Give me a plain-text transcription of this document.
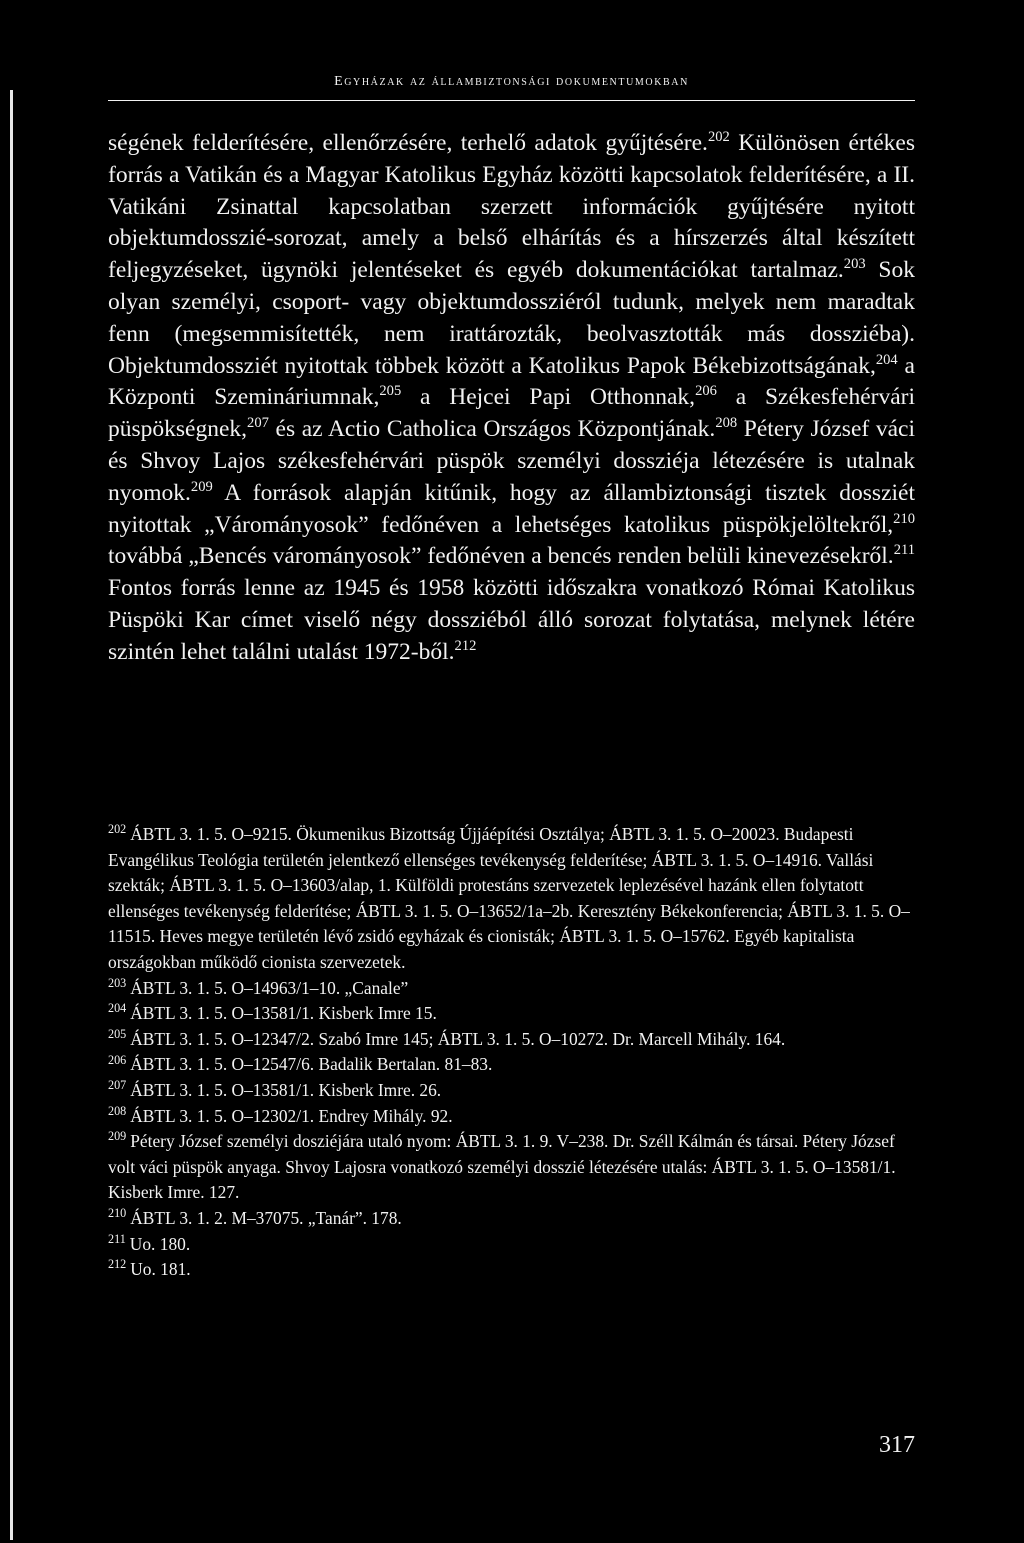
Egyházak az állambiztonsági dokumentumokban
ségének felderítésére, ellenőrzésére, terhelő adatok gyűjtésére.$^{202}$ Különösen értékes forrás a Vatikán és a Magyar Katolikus Egyház közötti kapcsolatok felderítésére, a II. Vatikáni Zsinattal kapcsolatban szerzett információk gyűjtésére nyitott objektumdosszié-sorozat, amely a belső elhárítás és a hírszerzés által készített feljegyzéseket, ügynöki jelentéseket és egyéb dokumentációkat tartalmaz.$^{203}$ Sok olyan személyi, csoport- vagy objektumdossziéról tudunk, melyek nem maradtak fenn (megsemmisítették, nem irattározták, beolvasztották más dossziéba). Objektumdossziét nyitottak többek között a Katolikus Papok Békebizottságának,$^{204}$ a Központi Szemináriumnak,$^{205}$ a Hejcei Papi Otthonnak,$^{206}$ a Székesfehérvári püspökségnek,$^{207}$ és az Actio Catholica Országos Központjának.$^{208}$ Pétery József váci és Shvoy Lajos székesfehérvári püspök személyi dossziéja létezésére is utalnak nyomok.$^{209}$ A források alapján kitűnik, hogy az állambiztonsági tisztek dossziét nyitottak „Várományosok” fedőnéven a lehetséges katolikus püspökjelöltekről,$^{210}$ továbbá „Bencés várományosok” fedőnéven a bencés renden belüli kinevezésekről.$^{211}$ Fontos forrás lenne az 1945 és 1958 közötti időszakra vonatkozó Római Katolikus Püspöki Kar címet viselő négy dossziéból álló sorozat folytatása, melynek létére szintén lehet találni utalást 1972-ből.$^{212}$

$^{202}$ ÁBTL 3. 1. 5. O–9215. Ökumenikus Bizottság Újjáépítési Osztálya; ÁBTL 3. 1. 5. O–20023. Budapesti Evangélikus Teológia területén jelentkező ellenséges tevékenység felderítése; ÁBTL 3. 1. 5. O–14916. Vallási szekták; ÁBTL 3. 1. 5. O–13603/alap, 1. Külföldi protestáns szervezetek leplezésével hazánk ellen folytatott ellenséges tevékenység felderítése; ÁBTL 3. 1. 5. O–13652/1a–2b. Keresztény Békekonferencia; ÁBTL 3. 1. 5. O–11515. Heves megye területén lévő zsidó egyházak és cionisták; ÁBTL 3. 1. 5. O–15762. Egyéb kapitalista országokban működő cionista szervezetek.

$^{203}$ ÁBTL 3. 1. 5. O–14963/1–10. „Canale”

$^{204}$ ÁBTL 3. 1. 5. O–13581/1. Kisberk Imre 15.

$^{205}$ ÁBTL 3. 1. 5. O–12347/2. Szabó Imre 145; ÁBTL 3. 1. 5. O–10272. Dr. Marcell Mihály. 164.

$^{206}$ ÁBTL 3. 1. 5. O–12547/6. Badalik Bertalan. 81–83.

$^{207}$ ÁBTL 3. 1. 5. O–13581/1. Kisberk Imre. 26.

$^{208}$ ÁBTL 3. 1. 5. O–12302/1. Endrey Mihály. 92.

$^{209}$ Pétery József személyi dosziéjára utaló nyom: ÁBTL 3. 1. 9. V–238. Dr. Széll Kálmán és társai. Pétery József volt váci püspök anyaga. Shvoy Lajosra vonatkozó személyi dosszié létezésére utalás: ÁBTL 3. 1. 5. O–13581/1. Kisberk Imre. 127.

$^{210}$ ÁBTL 3. 1. 2. M–37075. „Tanár”. 178.

$^{211}$ Uo. 180.

$^{212}$ Uo. 181.

317
